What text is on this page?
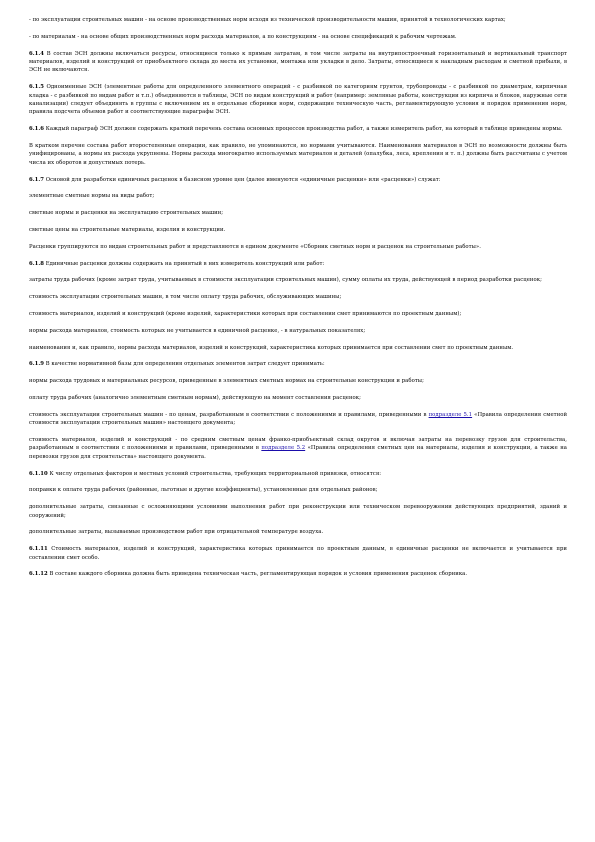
- по эксплуатации строительных машин - на основе производственных норм исходя из технической производительности машин, принятой в технологических картах;

- по материалам - на основе общих производственных норм расхода материалов, а по конструкциям - на основе спецификаций к рабочим чертежам.

6.1.4 В состав ЭСН должны включаться ресурсы, относящиеся только к прямым затратам, в том числе затраты на внутрипостроечный горизонтальный и вертикальный транспорт материалов, изделий и конструкций от приобъектного склада до места их установки, монтажа или укладки в дело. Затраты, относящиеся к накладным расходам и сметной прибыли, в ЭСН не включаются.

6.1.5 Одноименные ЭСН (элементные работы для определенного элементного операций - с разбивкой по категориям грунтов, трубопроводы - с разбивкой по диаметрам, кирпичная кладка - с разбивкой по видам работ и т.п.) объединяются в таблицы, ЭСН по видам конструкций и работ (например: земляные работы, конструкции из кирпича и блоков, наружные сети канализации) следует объединять в группы с включением их в отдельные сборники норм, содержащие техническую часть, регламентирующую условия и порядок применения норм, правила подсчета объемов работ и соответствующие параграфы ЭСН.

6.1.6 Каждый параграф ЭСН должен содержать краткий перечень состава основных процессов производства работ, а также измеритель работ, на который в таблице приведены нормы.

В кратком перечне состава работ второстепенные операции, как правило, не упоминаются, но нормами учитываются. Наименования материалов в ЭСН по возможности должны быть унифицированы, а нормы их расхода укрупнены. Нормы расхода многократно используемых материалов и деталей (опалубка, леса, крепления и т. п.) должны быть рассчитаны с учетом числа их оборотов и допустимых потерь.

6.1.7 Основой для разработки единичных расценок в базисном уровне цен (далее именуются «единичные расценки» или «расценки») служат:

элементные сметные нормы на виды работ;

сметные нормы и расценки на эксплуатацию строительных машин;

сметные цены на строительные материалы, изделия и конструкции.

Расценки группируются по видам строительных работ и представляются в едином документе «Сборник сметных норм и расценок на строительные работы».

6.1.8 Единичные расценки должны содержать на принятый в них измеритель конструкций или работ:

затраты труда рабочих (кроме затрат труда, учитываемых в стоимости эксплуатации строительных машин), сумму оплаты их труда, действующей в период разработки расценок;

стоимость эксплуатации строительных машин, в том числе оплату труда рабочих, обслуживающих машины;

стоимость материалов, изделий и конструкций (кроме изделий, характеристики которых при составлении смет принимаются по проектным данным);

нормы расхода материалов, стоимость которых не учитывается в единичной расценке, - в натуральных показателях;

наименования и, как правило, нормы расхода материалов, изделий и конструкций, характеристика которых принимается при составлении смет по проектным данным.

6.1.9 В качестве нормативной базы для определения отдельных элементов затрат следует принимать:

нормы расхода трудовых и материальных ресурсов, приведенные в элементных сметных нормах на строительные конструкции и работы;

оплату труда рабочих (аналогично элементным сметным нормам), действующую на момент составления расценок;

стоимость эксплуатации строительных машин - по ценам, разработанным в соответствии с положениями и правилами, приведенными в подразделе 5.1 «Правила определения сметной стоимости эксплуатации строительных машин» настоящего документа;

стоимость материалов, изделий и конструкций - по средним сметным ценам франко-приобъектный склад округов и включая затраты на перевозку грузов для строительства, разработанным в соответствии с положениями и правилами, приведенными в подразделе 5.2 «Правила определения сметных цен на материалы, изделия и конструкции, а также на перевозки грузов для строительства» настоящего документа.

6.1.10 К числу отдельных факторов и местных условий строительства, требующих территориальной привязки, относятся:

поправки к оплате труда рабочих (районные, льготные и другие коэффициенты), установленные для отдельных районов;

дополнительные затраты, связанные с осложняющими условиями выполнения работ при реконструкции или техническом перевооружении действующих предприятий, зданий и сооружений;

дополнительные затраты, вызываемые производством работ при отрицательной температуре воздуха.

6.1.11 Стоимость материалов, изделий и конструкций, характеристика которых принимается по проектным данным, в единичные расценки не включается и учитывается при составлении смет особо.

6.1.12 В составе каждого сборника должна быть приведена техническая часть, регламентирующая порядок и условия применения расценок сборника.
